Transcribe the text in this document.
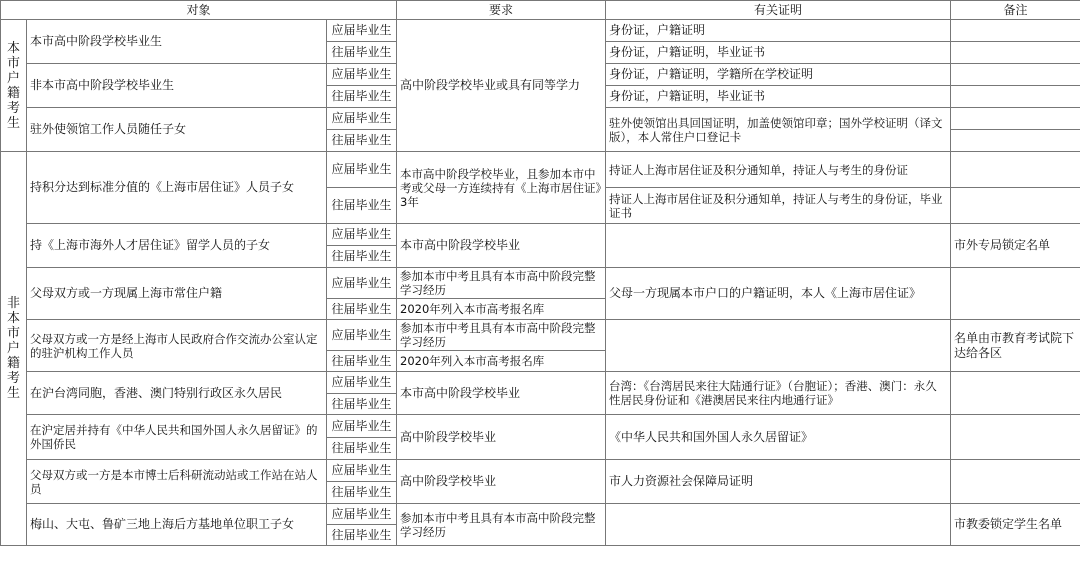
对象			要求	有关证明	备注
本市户籍考生	本市高中阶段学校毕业生	应届毕业生	高中阶段学校毕业或具有同等学力	身份证，户籍证明	
		往届毕业生		身份证，户籍证明，毕业证书	
	非本市高中阶段学校毕业生	应届毕业生		身份证，户籍证明，学籍所在学校证明	
		往届毕业生		身份证，户籍证明，毕业证书	
	驻外使领馆工作人员随任子女	应届毕业生		驻外使领馆出具回国证明，加盖使领馆印章；国外学校证明（译文版），本人常住户口登记卡	
		往届毕业生			
非本市户籍考生	持积分达到标准分值的《上海市居住证》人员子女	应届毕业生	本市高中阶段学校毕业，且参加本市中考或父母一方连续持有《上海市居住证》3年	持证人上海市居住证及积分通知单，持证人与考生的身份证	
		往届毕业生		持证人上海市居住证及积分通知单，持证人与考生的身份证，毕业证书	
	持《上海市海外人才居住证》留学人员的子女	应届毕业生	本市高中阶段学校毕业		市外专局锁定名单
		往届毕业生			
	父母双方或一方现属上海市常住户籍	应届毕业生	参加本市中考且具有本市高中阶段完整学习经历	父母一方现属本市户口的户籍证明，本人《上海市居住证》	
		往届毕业生	2020年列入本市高考报名库		
	父母双方或一方是经上海市人民政府合作交流办公室认定的驻沪机构工作人员	应届毕业生	参加本市中考且具有本市高中阶段完整学习经历		名单由市教育考试院下达给各区
		往届毕业生	2020年列入本市高考报名库		
	在沪台湾同胞，香港、澳门特别行政区永久居民	应届毕业生	本市高中阶段学校毕业	台湾：《台湾居民来往大陆通行证》（台胞证）；香港、澳门：永久性居民身份证和《港澳居民来往内地通行证》	
		往届毕业生			
	在沪定居并持有《中华人民共和国外国人永久居留证》的外国侨民	应届毕业生	高中阶段学校毕业	《中华人民共和国外国人永久居留证》	
		往届毕业生			
	父母双方或一方是本市博士后科研流动站或工作站在站人员	应届毕业生	高中阶段学校毕业	市人力资源社会保障局证明	
		往届毕业生			
	梅山、大屯、鲁矿三地上海后方基地单位职工子女	应届毕业生	参加本市中考且具有本市高中阶段完整学习经历		市教委锁定学生名单
		往届毕业生			
